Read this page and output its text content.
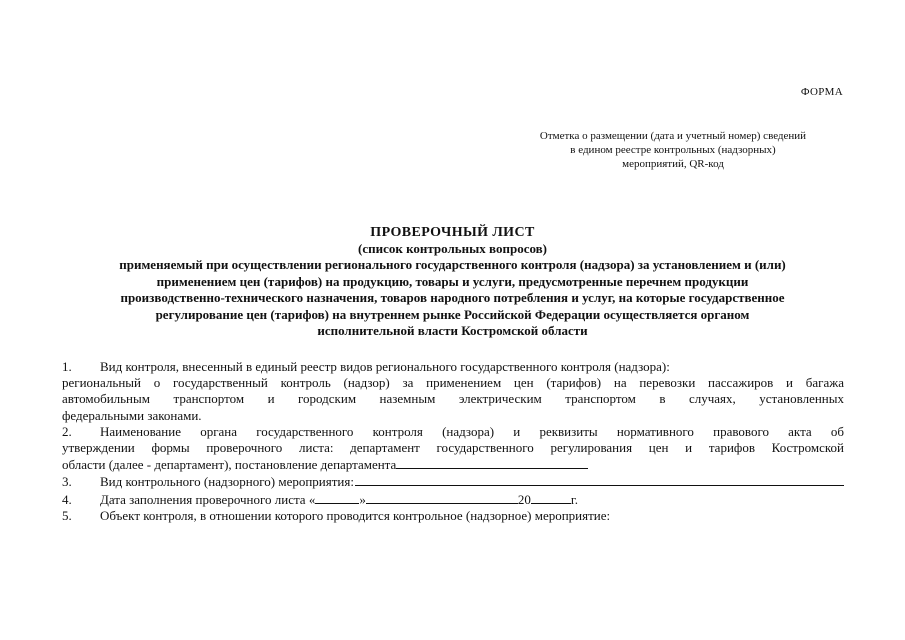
ФОРМА
Отметка о размещении (дата и учетный номер) сведений
в едином реестре контрольных (надзорных)
мероприятий, QR-код
ПРОВЕРОЧНЫЙ ЛИСТ
(список контрольных вопросов)
применяемый при осуществлении регионального государственного контроля (надзора) за установлением и (или)
применением цен (тарифов) на продукцию, товары и услуги, предусмотренные перечнем продукции
производственно-технического назначения, товаров народного потребления и услуг, на которые государственное
регулирование цен (тарифов) на внутреннем рынке Российской Федерации осуществляется органом
исполнительной власти Костромской области
1. Вид контроля, внесенный в единый реестр видов регионального государственного контроля (надзора):
региональный о государственный контроль (надзор) за применением цен (тарифов) на перевозки пассажиров и багажа
автомобильным транспортом и городским наземным электрическим транспортом в случаях, установленных
федеральными законами.
2. Наименование органа государственного контроля (надзора) и реквизиты нормативного правового акта об
утверждении формы проверочного листа: департамент государственного регулирования цен и тарифов Костромской
области (далее - департамент), постановление департамента
3.	Вид контрольного (надзорного) мероприятия:
4. Дата заполнения проверочного листа «	»	20	г.
5. Объект контроля, в отношении которого проводится контрольное (надзорное) мероприятие:
